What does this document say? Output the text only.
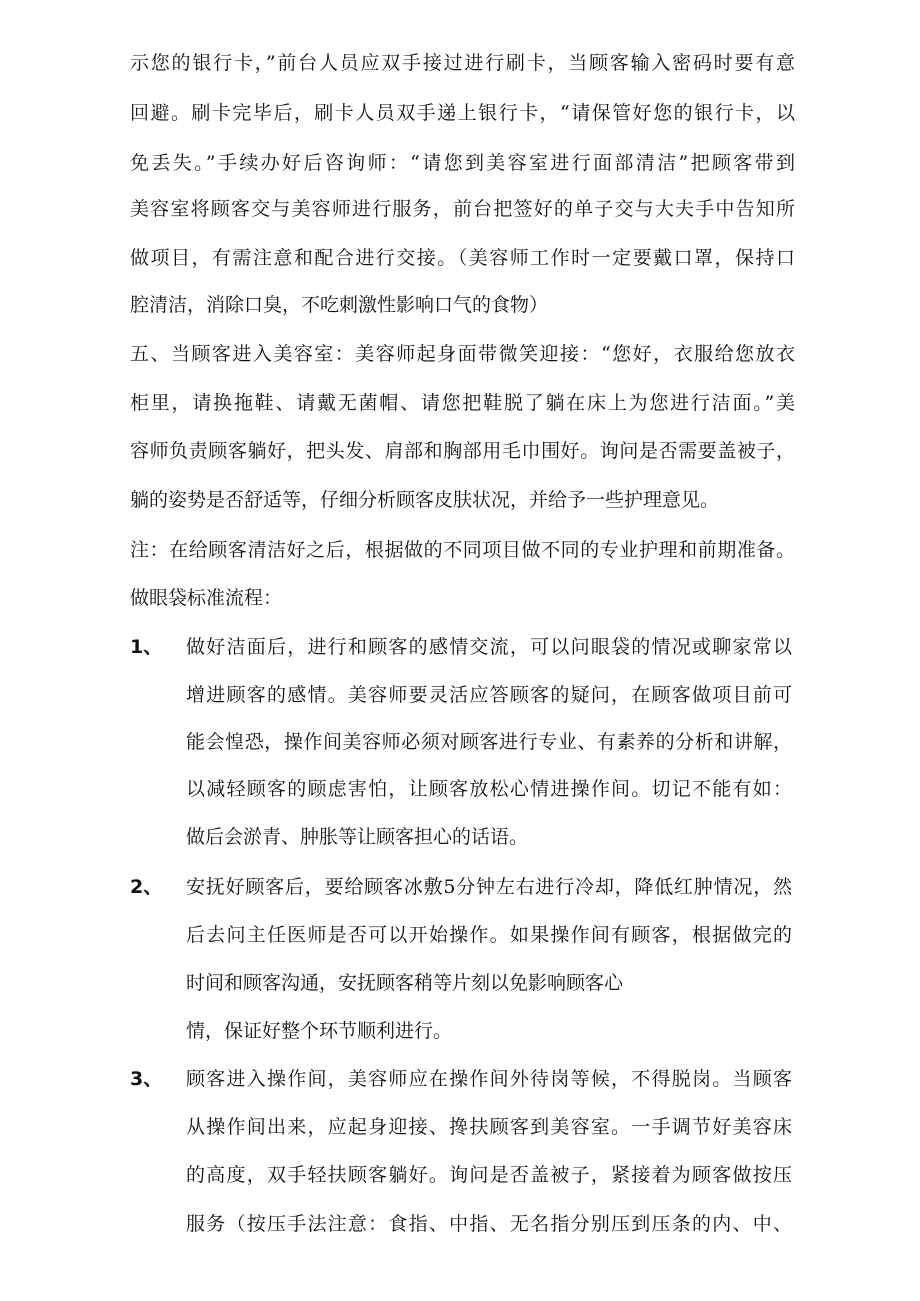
示您的银行卡，”前台人员应双手接过进行刷卡，当顾客输入密码时要有意
回避。刷卡完毕后，刷卡人员双手递上银行卡，“请保管好您的银行卡，以
免丢失。”手续办好后咨询师：“请您到美容室进行面部清洁”把顾客带到
美容室将顾客交与美容师进行服务，前台把签好的单子交与大夫手中告知所
做项目，有需注意和配合进行交接。（美容师工作时一定要戴口罩，保持口
腔清洁，消除口臭，不吃刺激性影响口气的食物）
五、当顾客进入美容室：美容师起身面带微笑迎接：“您好，衣服给您放衣
柜里，请换拖鞋、请戴无菌帽、请您把鞋脱了躺在床上为您进行洁面。”美
容师负责顾客躺好，把头发、肩部和胸部用毛巾围好。询问是否需要盖被子，
躺的姿势是否舒适等，仔细分析顾客皮肤状况，并给予一些护理意见。
注：在给顾客清洁好之后，根据做的不同项目做不同的专业护理和前期准备。
做眼袋标准流程：
1、 做好洁面后，进行和顾客的感情交流，可以问眼袋的情况或聊家常以
增进顾客的感情。美容师要灵活应答顾客的疑问，在顾客做项目前可
能会惶恐，操作间美容师必须对顾客进行专业、有素养的分析和讲解，
以减轻顾客的顾虑害怕，让顾客放松心情进操作间。切记不能有如：
做后会淤青、肿胀等让顾客担心的话语。
2、 安抚好顾客后，要给顾客冰敷5分钟左右进行冷却，降低红肿情况，然
后去问主任医师是否可以开始操作。如果操作间有顾客，根据做完的
时间和顾客沟通，安抚顾客稍等片刻以免影响顾客心
情，保证好整个环节顺利进行。
3、 顾客进入操作间，美容师应在操作间外待岗等候，不得脱岗。当顾客
从操作间出来，应起身迎接、搀扶顾客到美容室。一手调节好美容床
的高度，双手轻扶顾客躺好。询问是否盖被子，紧接着为顾客做按压
服务（按压手法注意：食指、中指、无名指分别压到压条的内、中、
